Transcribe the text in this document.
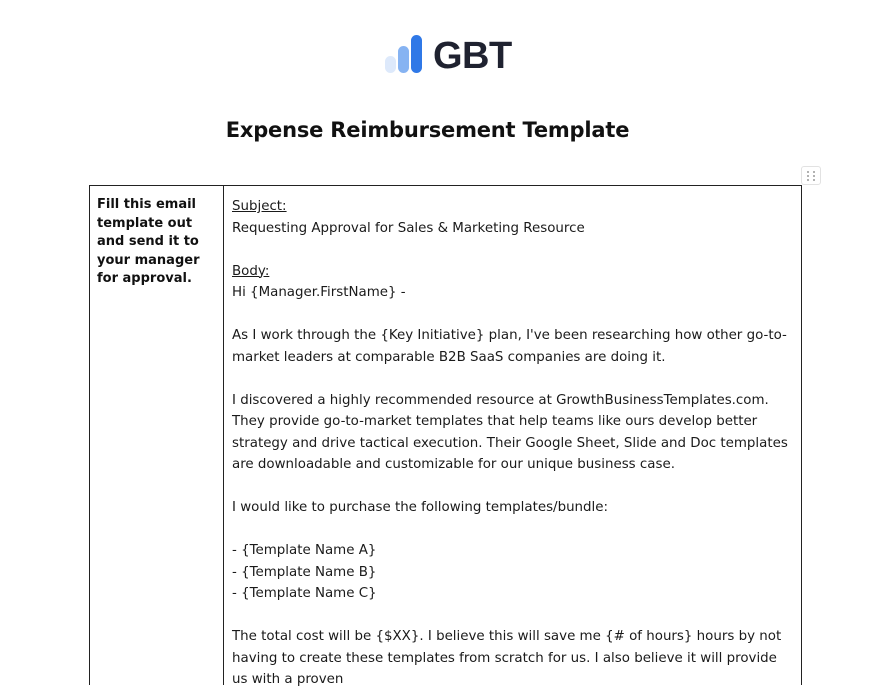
GBT
Expense Reimbursement Template
Fill this email template out and send it to your manager for approval.

Subject:

Requesting Approval for Sales & Marketing Resource

Body:

Hi {Manager.FirstName} -

As I work through the {Key Initiative} plan, I've been researching how other go-to-market leaders at comparable B2B SaaS companies are doing it.

I discovered a highly recommended resource at GrowthBusinessTemplates.com. They provide go-to-market templates that help teams like ours develop better strategy and drive tactical execution. Their Google Sheet, Slide and Doc templates are downloadable and customizable for our unique business case.

I would like to purchase the following templates/bundle:

- {Template Name A}

- {Template Name B}

- {Template Name C}

The total cost will be {$XX}. I believe this will save me {# of hours} hours by not having to create these templates from scratch for us. I also believe it will provide us with a proven
